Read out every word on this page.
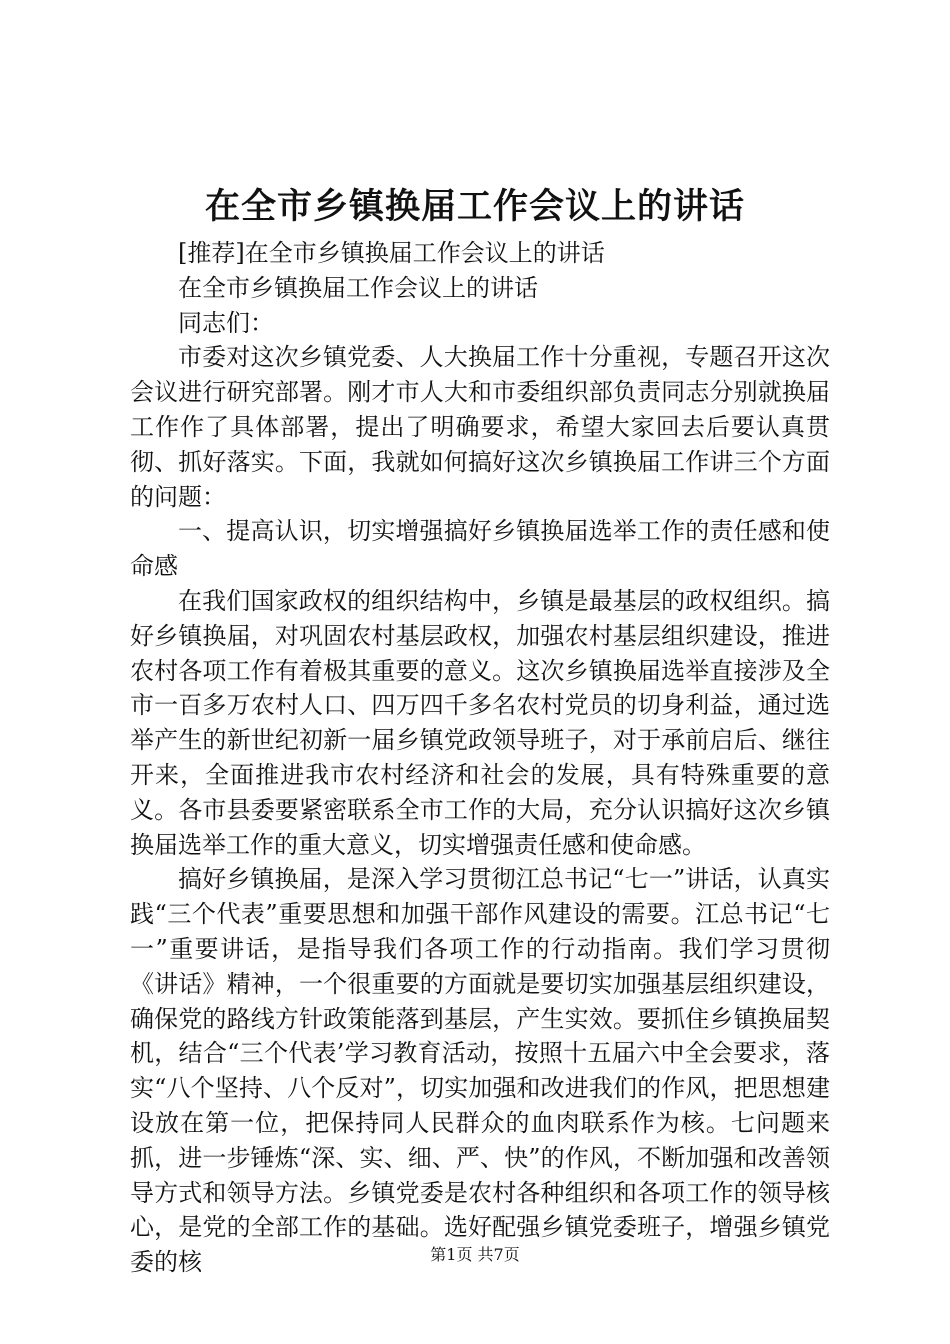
在全市乡镇换届工作会议上的讲话

[推荐]在全市乡镇换届工作会议上的讲话

在全市乡镇换届工作会议上的讲话

同志们：

市委对这次乡镇党委、人大换届工作十分重视，专题召开这次会议进行研究部署。刚才市人大和市委组织部负责同志分别就换届工作作了具体部署，提出了明确要求，希望大家回去后要认真贯彻、抓好落实。下面，我就如何搞好这次乡镇换届工作讲三个方面的问题：

一、提高认识，切实增强搞好乡镇换届选举工作的责任感和使命感

在我们国家政权的组织结构中，乡镇是最基层的政权组织。搞好乡镇换届，对巩固农村基层政权，加强农村基层组织建设，推进农村各项工作有着极其重要的意义。这次乡镇换届选举直接涉及全市一百多万农村人口、四万四千多名农村党员的切身利益，通过选举产生的新世纪初新一届乡镇党政领导班子，对于承前启后、继往开来，全面推进我市农村经济和社会的发展，具有特殊重要的意义。各市县委要紧密联系全市工作的大局，充分认识搞好这次乡镇换届选举工作的重大意义，切实增强责任感和使命感。

搞好乡镇换届，是深入学习贯彻江总书记“七一”讲话，认真实践“三个代表”重要思想和加强干部作风建设的需要。江总书记“七一”重要讲话，是指导我们各项工作的行动指南。我们学习贯彻《讲话》精神，一个很重要的方面就是要切实加强基层组织建设，确保党的路线方针政策能落到基层，产生实效。要抓住乡镇换届契机，结合“三个代表’学习教育活动，按照十五届六中全会要求，落实“八个坚持、八个反对”，切实加强和改进我们的作风，把思想建设放在第一位，把保持同人民群众的血肉联系作为核。七问题来抓，进一步锤炼“深、实、细、严、快”的作风，不断加强和改善领导方式和领导方法。乡镇党委是农村各种组织和各项工作的领导核心，是党的全部工作的基础。选好配强乡镇党委班子，增强乡镇党委的核	第1页 共7页
